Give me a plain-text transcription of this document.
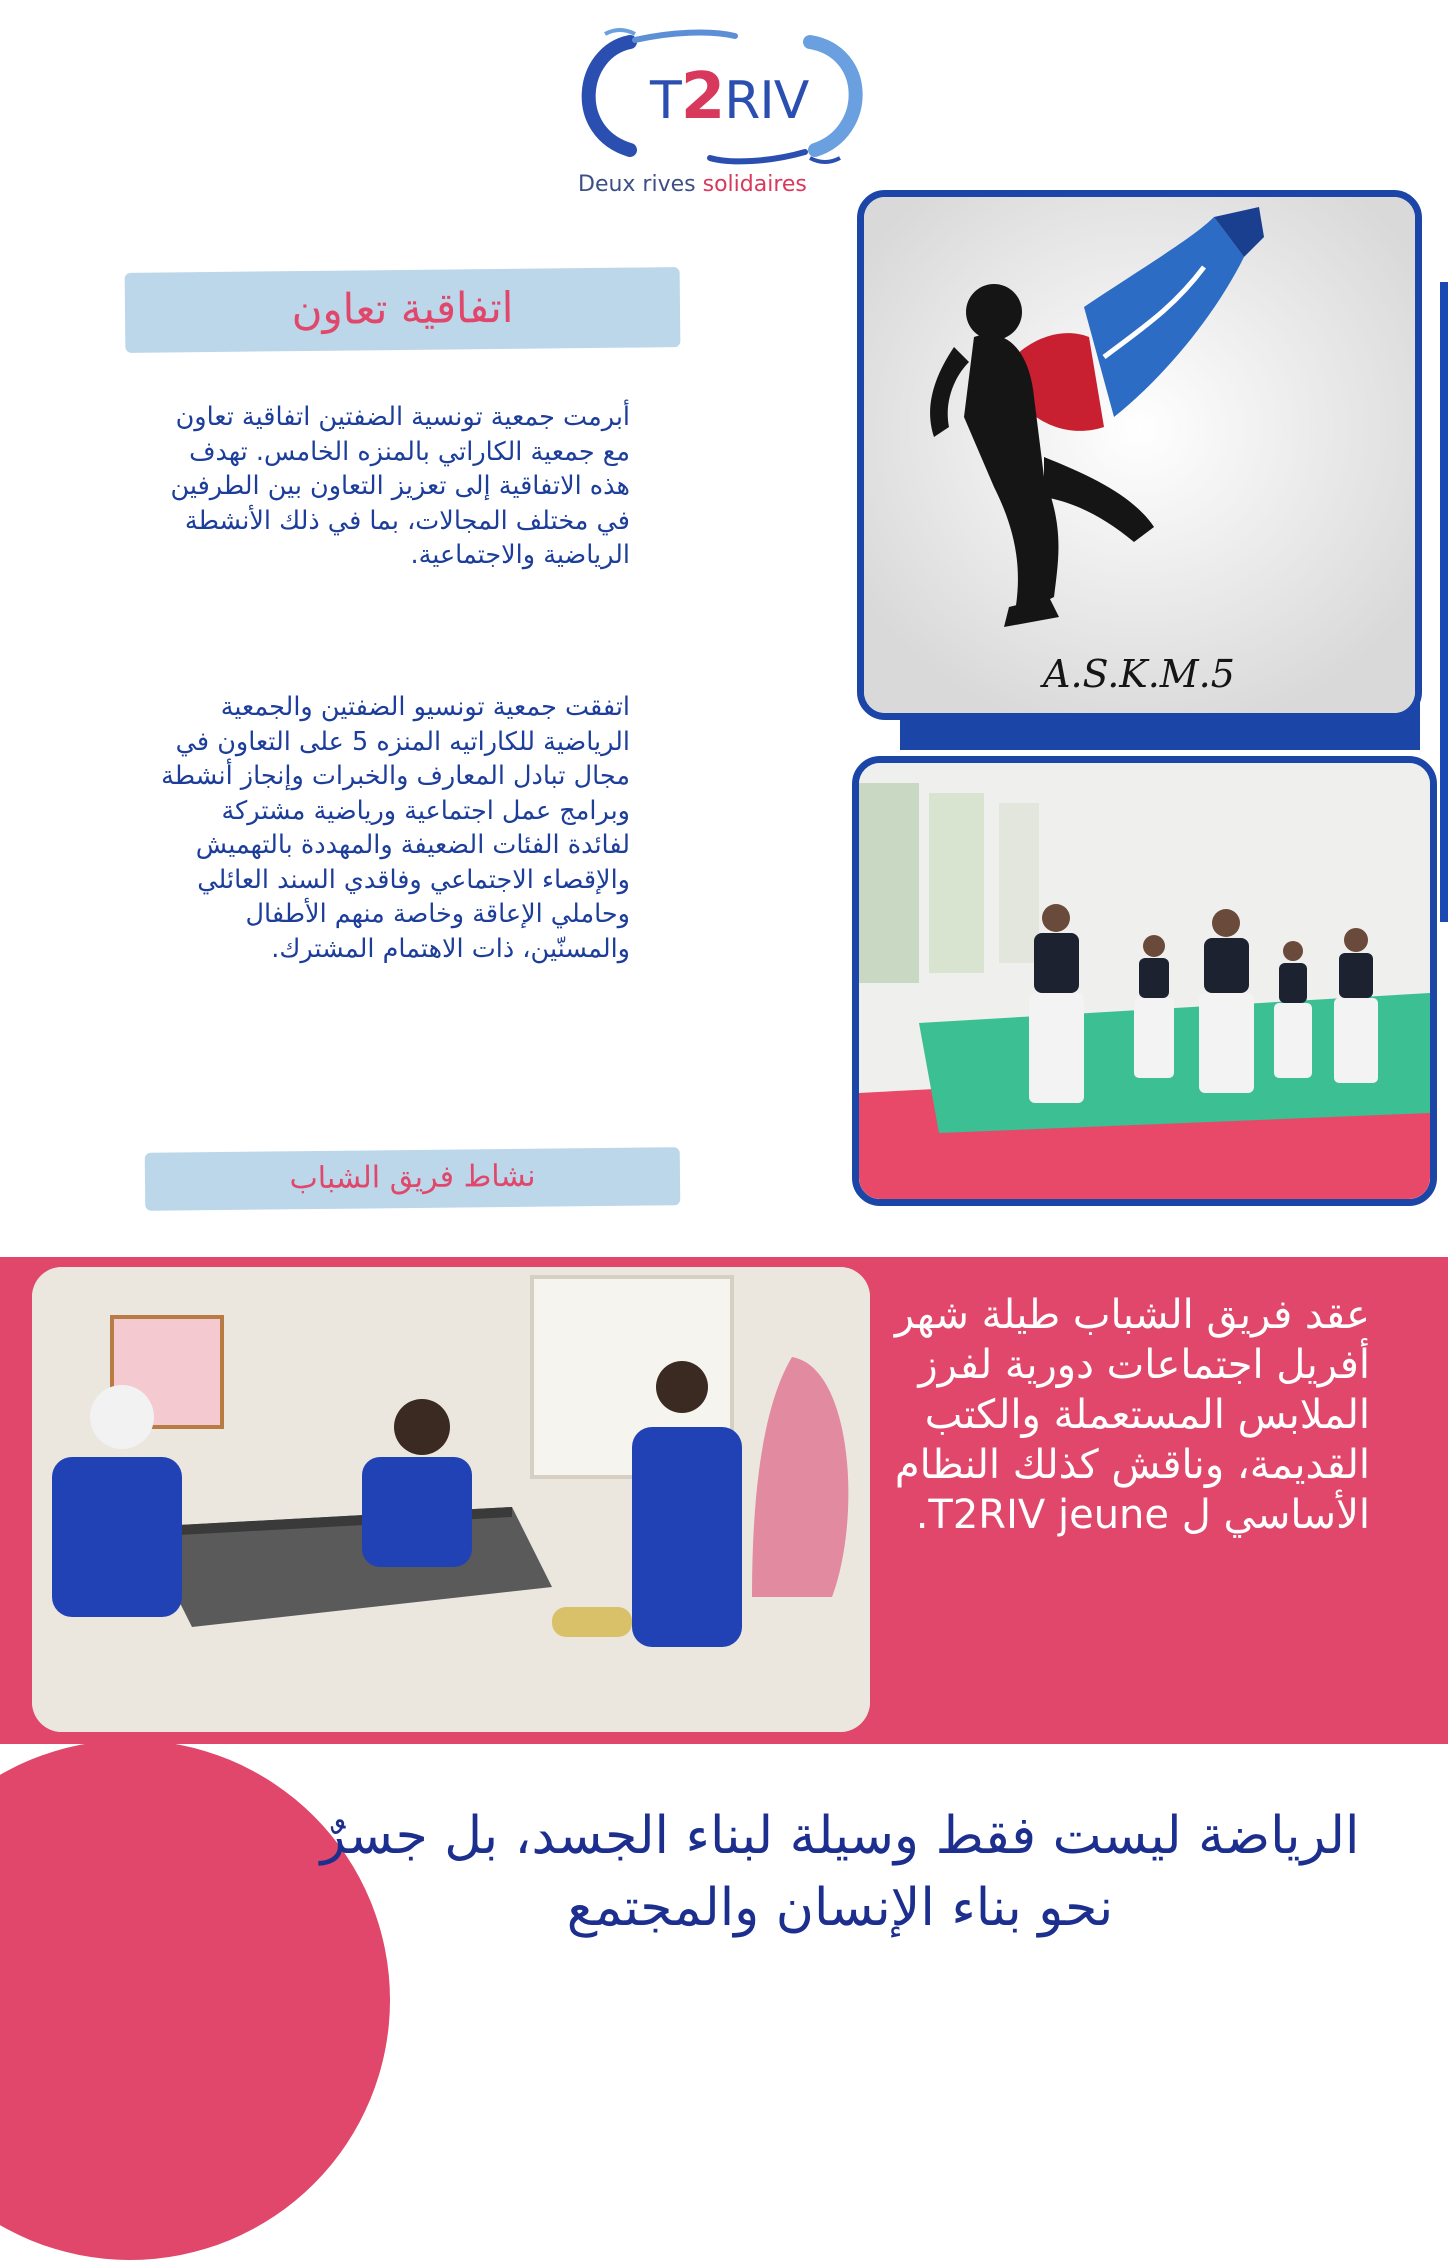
T2RIV
Deux rives solidaires
اتفاقية تعاون
أبرمت جمعية تونسية الضفتين اتفاقية تعاون مع جمعية الكاراتي بالمنزه الخامس. تهدف هذه الاتفاقية إلى تعزيز التعاون بين الطرفين في مختلف المجالات، بما في ذلك الأنشطة الرياضية والاجتماعية.
اتفقت جمعية تونسيو الضفتين والجمعية الرياضية للكاراتيه المنزه 5 على التعاون في مجال تبادل المعارف والخبرات وإنجاز أنشطة وبرامج عمل اجتماعية ورياضية مشتركة لفائدة الفئات الضعيفة والمهددة بالتهميش والإقصاء الاجتماعي وفاقدي السند العائلي وحاملي الإعاقة وخاصة منهم الأطفال والمسنّين، ذات الاهتمام المشترك.
A.S.K.M.5
نشاط فريق الشباب
عقد فريق الشباب طيلة شهر أفريل اجتماعات دورية لفرز الملابس المستعملة والكتب القديمة، وناقش كذلك النظام الأساسي ل T2RIV jeune.
الرياضة ليست فقط وسيلة لبناء الجسد، بل جسرٌ نحو بناء الإنسان والمجتمع
